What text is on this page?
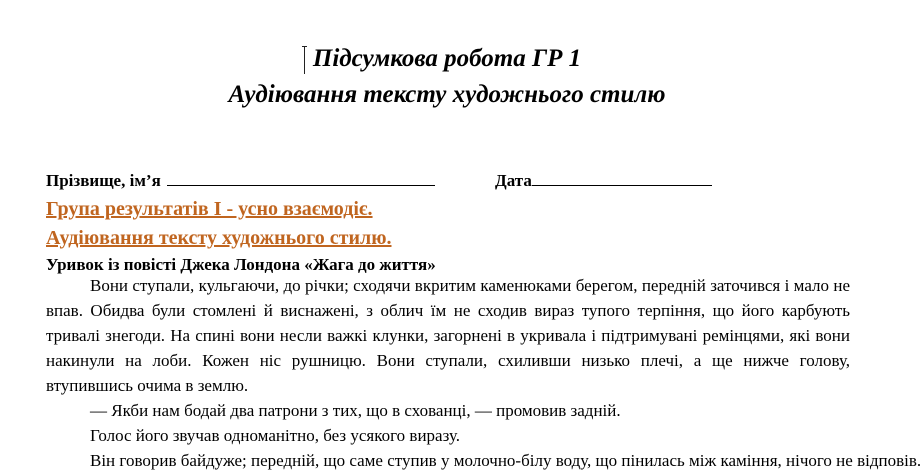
Підсумкова робота ГР 1
Аудіювання тексту художнього стилю
Прізвище, ім’я	Дата
Група результатів І - усно взаємодіє.
Аудіювання тексту художнього стилю.
Уривок із повісті Джека Лондона «Жага до життя»
Вони ступали, кульгаючи, до річки; сходячи вкритим каменюками берегом, передній заточився і мало не впав. Обидва були стомлені й виснажені, з облич їм не сходив вираз тупого терпіння, що його карбують тривалі знегоди. На спині вони несли важкі клунки, загорнені в укривала і підтримувані ремінцями, які вони накинули на лоби. Кожен ніс рушницю. Вони ступали, схиливши низько плечі, а ще нижче голову, втупившись очима в землю.
— Якби нам бодай два патрони з тих, що в схованці, — промовив задній.
Голос його звучав одноманітно, без усякого виразу.
Він говорив байдуже; передній, що саме ступив у молочно-білу воду, що пінилась між каміння, нічого не відповів.
